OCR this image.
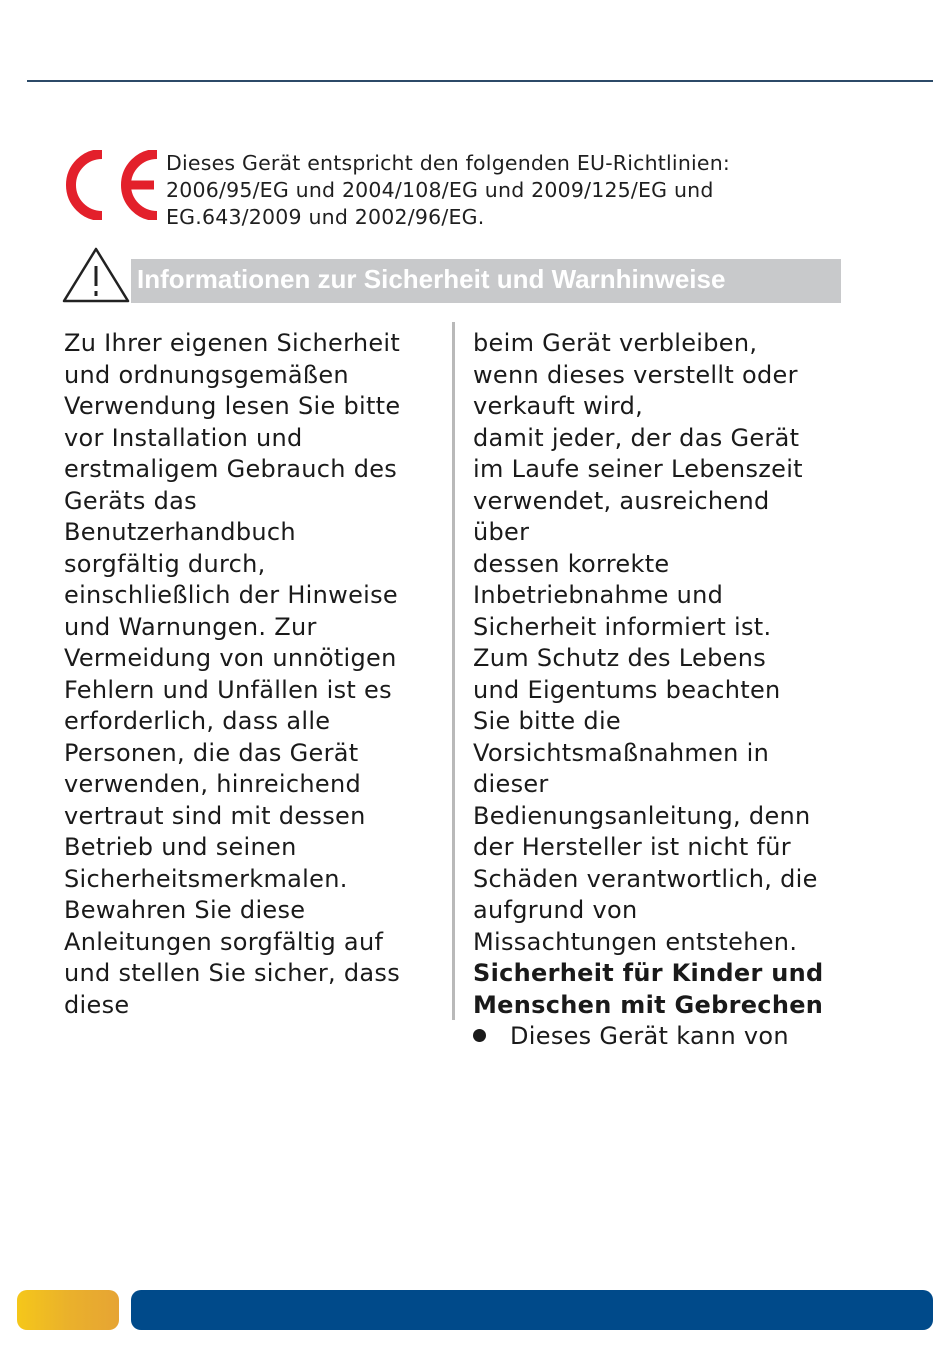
Dieses Gerät entspricht den folgenden EU-Richtlinien:
2006/95/EG und 2004/108/EG und 2009/125/EG und
EG.643/2009 und 2002/96/EG.
Informationen zur Sicherheit und Warnhinweise
Zu Ihrer eigenen Sicherheit
und ordnungsgemäßen
Verwendung lesen Sie bitte
vor Installation und
erstmaligem Gebrauch des
Geräts das
Benutzerhandbuch
sorgfältig durch,
einschließlich der Hinweise
und Warnungen. Zur
Vermeidung von unnötigen
Fehlern und Unfällen ist es
erforderlich, dass alle
Personen, die das Gerät
verwenden, hinreichend
vertraut sind mit dessen
Betrieb und seinen
Sicherheitsmerkmalen.
Bewahren Sie diese
Anleitungen sorgfältig auf
und stellen Sie sicher, dass
diese
beim Gerät verbleiben,
wenn dieses verstellt oder
verkauft wird,
damit jeder, der das Gerät
im Laufe seiner Lebenszeit
verwendet, ausreichend
über
dessen korrekte
Inbetriebnahme und
Sicherheit informiert ist.
Zum Schutz des Lebens
und Eigentums beachten
Sie bitte die
Vorsichtsmaßnahmen in
dieser
Bedienungsanleitung, denn
der Hersteller ist nicht für
Schäden verantwortlich, die
aufgrund von
Missachtungen entstehen.
Sicherheit für Kinder und
Menschen mit Gebrechen
Dieses Gerät kann von
